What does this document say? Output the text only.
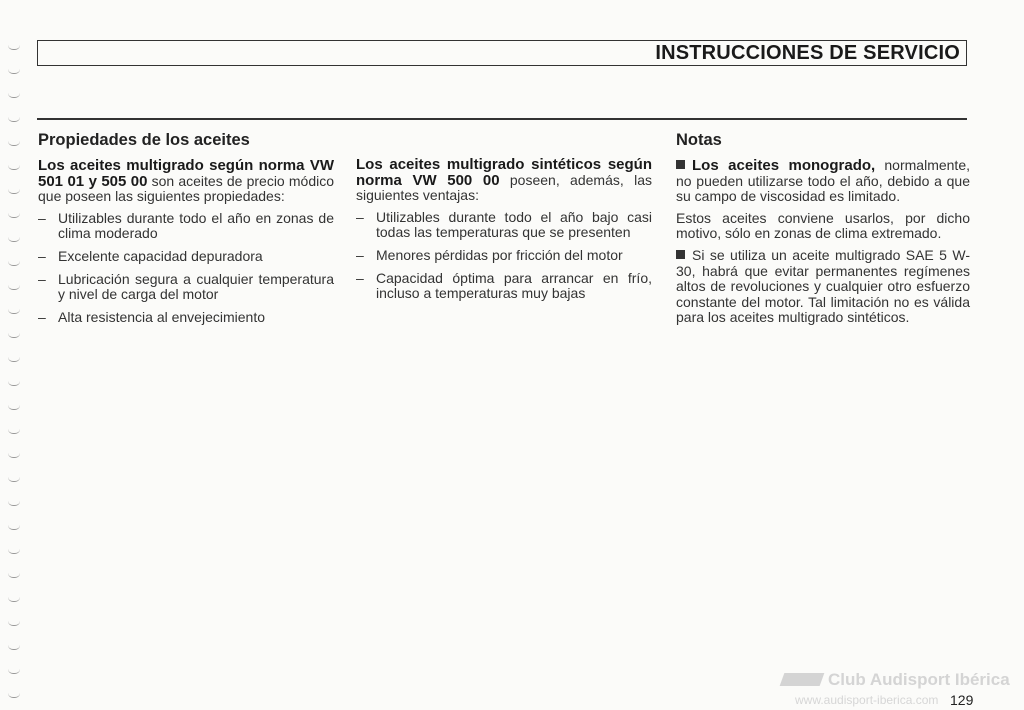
INSTRUCCIONES DE SERVICIO
Propiedades de los aceites

Los aceites multigrado según norma VW 501 01 y 505 00 son aceites de precio módico que poseen las siguientes propiedades:

– Utilizables durante todo el año en zonas de clima moderado
– Excelente capacidad depuradora
– Lubricación segura a cualquier temperatura y nivel de carga del motor
– Alta resistencia al envejecimiento

Los aceites multigrado sintéticos según norma VW 500 00 poseen, además, las siguientes ventajas:

– Utilizables durante todo el año bajo casi todas las temperaturas que se presenten
– Menores pérdidas por fricción del motor
– Capacidad óptima para arrancar en frío, incluso a temperaturas muy bajas
Notas

Los aceites monogrado, normalmente, no pueden utilizarse todo el año, debido a que su campo de viscosidad es limitado.

Estos aceites conviene usarlos, por dicho motivo, sólo en zonas de clima extremado.

Si se utiliza un aceite multigrado SAE 5 W-30, habrá que evitar permanentes regímenes altos de revoluciones y cualquier otro esfuerzo constante del motor. Tal limitación no es válida para los aceites multigrado sintéticos.

Club Audisport Ibérica
www.audisport-iberica.com 129
